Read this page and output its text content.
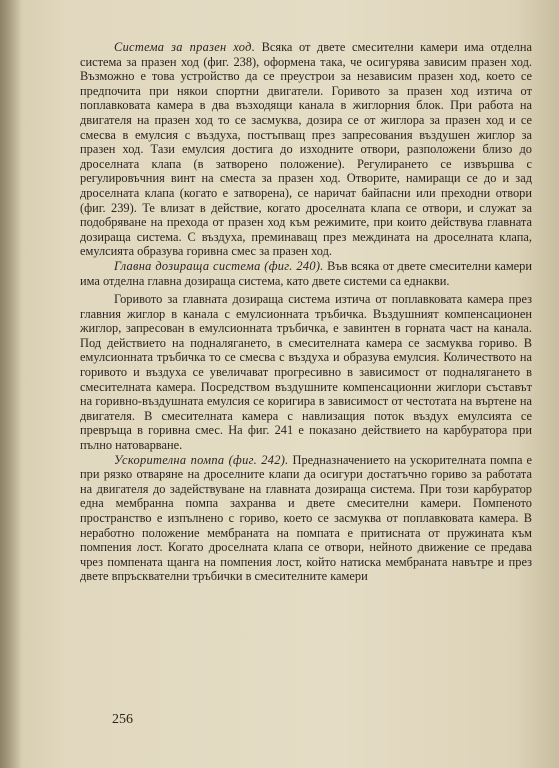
Система за празен ход. Всяка от двете смесителни камери има отделна система за празен ход (фиг. 238), оформена така, че осигурява зависим празен ход. Възможно е това устройство да се преустрои за независим празен ход, което се предпочита при някои спортни двигатели. Горивото за празен ход изтича от поплавковата камера в два възходящи канала в жиглорния блок. При работа на двигателя на празен ход то се засмуква, дозира се от жиглора за празен ход и се смесва в емулсия с въздуха, постъпващ през запресования въздушен жиглор за празен ход. Тази емулсия достига до изходните отвори, разположени близо до дроселната клапа (в затворено положение). Регулирането се извършва с регулировъчния винт на сместа за празен ход. Отворите, намиращи се до и зад дроселната клапа (когато е затворена), се наричат байпасни или преходни отвори (фиг. 239). Те влизат в действие, когато дроселната клапа се отвори, и служат за подобряване на прехода от празен ход към режимите, при които действува главната дозираща система. С въздуха, преминаващ през междината на дроселната клапа, емулсията образува горивна смес за празен ход.

Главна дозираща система (фиг. 240). Във всяка от двете смесителни камери има отделна главна дозираща система, като двете системи са еднакви.

Горивото за главната дозираща система изтича от поплавковата камера през главния жиглор в канала с емулсионната тръбичка. Въздушният компенсационен жиглор, запресован в емулсионната тръбичка, е завинтен в горната част на канала. Под действието на подналягането, в смесителната камера се засмуква гориво. В емулсионната тръбичка то се смесва с въздуха и образува емулсия. Количеството на горивото и въздуха се увеличават прогресивно в зависимост от подналягането в смесителната камера. Посредством въздушните компенсационни жиглори съставът на горивно-въздушната емулсия се коригира в зависимост от честотата на въртене на двигателя. В смесителната камера с навлизащия поток въздух емулсията се превръща в горивна смес. На фиг. 241 е показано действието на карбуратора при пълно натоварване.

Ускорителна помпа (фиг. 242). Предназначението на ускорителната помпа е при рязко отваряне на дроселните клапи да осигури достатъчно гориво за работата на двигателя до задействуване на главната дозираща система. При този карбуратор една мембранна помпа захранва и двете смесителни камери. Помпеното пространство е изпълнено с гориво, което се засмуква от поплавковата камера. В неработно положение мембраната на помпата е притисната от пружината към помпения лост. Когато дроселната клапа се отвори, нейното движение се предава чрез помпената щанга на помпения лост, който натиска мембраната навътре и през двете впръсквателни тръбички в смесителните камери

256
